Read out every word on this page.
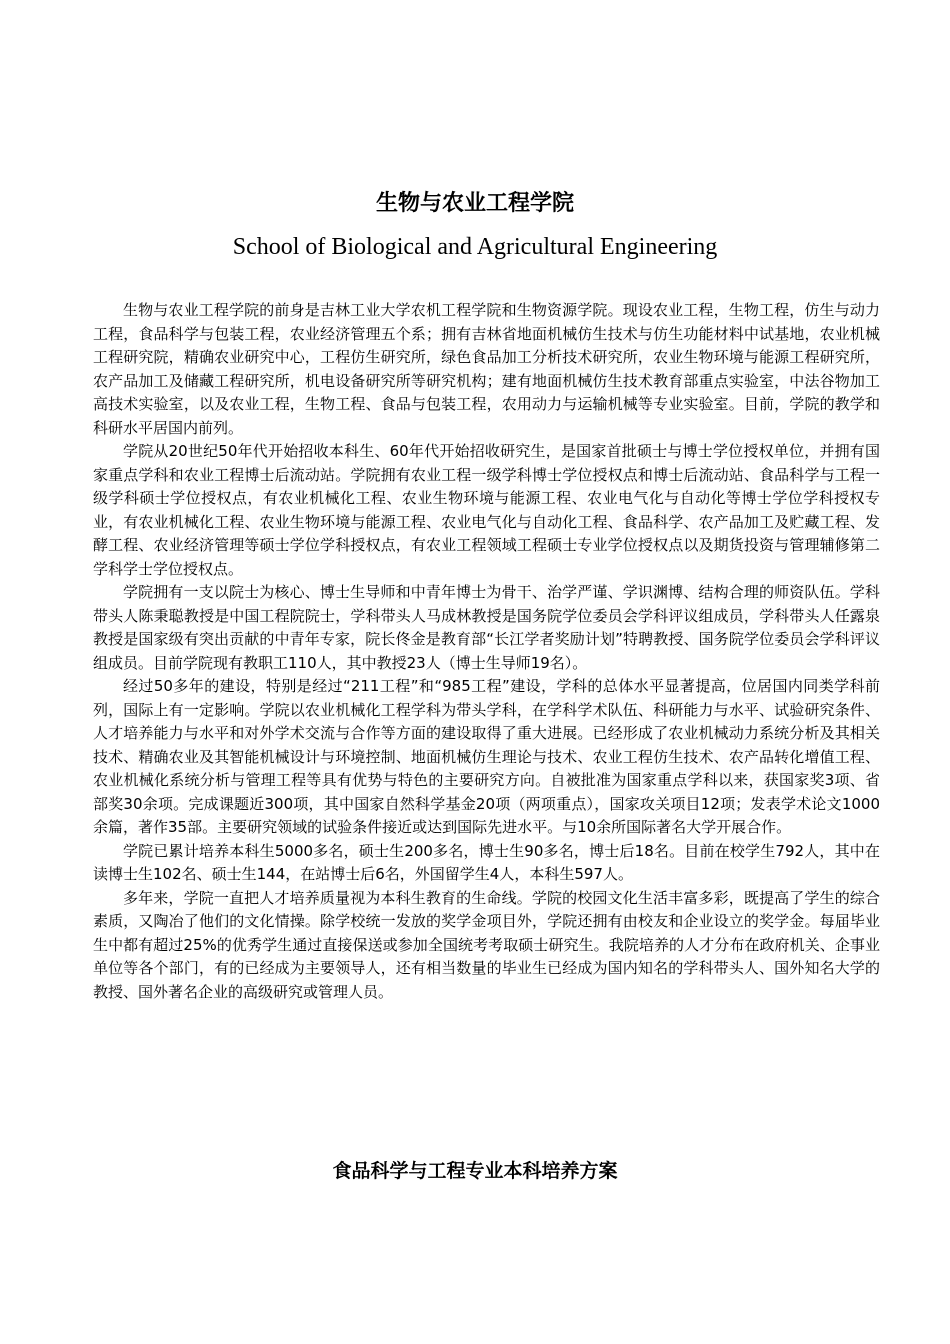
生物与农业工程学院
School of Biological and Agricultural Engineering

生物与农业工程学院的前身是吉林工业大学农机工程学院和生物资源学院。现设农业工程，生物工程，仿生与动力工程，食品科学与包装工程，农业经济管理五个系；拥有吉林省地面机械仿生技术与仿生功能材料中试基地，农业机械工程研究院，精确农业研究中心，工程仿生研究所，绿色食品加工分析技术研究所，农业生物环境与能源工程研究所，农产品加工及储藏工程研究所，机电设备研究所等研究机构；建有地面机械仿生技术教育部重点实验室，中法谷物加工高技术实验室，以及农业工程，生物工程、食品与包装工程，农用动力与运输机械等专业实验室。目前，学院的教学和科研水平居国内前列。

学院从20世纪50年代开始招收本科生、60年代开始招收研究生，是国家首批硕士与博士学位授权单位，并拥有国家重点学科和农业工程博士后流动站。学院拥有农业工程一级学科博士学位授权点和博士后流动站、食品科学与工程一级学科硕士学位授权点，有农业机械化工程、农业生物环境与能源工程、农业电气化与自动化等博士学位学科授权专业，有农业机械化工程、农业生物环境与能源工程、农业电气化与自动化工程、食品科学、农产品加工及贮藏工程、发酵工程、农业经济管理等硕士学位学科授权点，有农业工程领域工程硕士专业学位授权点以及期货投资与管理辅修第二学科学士学位授权点。

学院拥有一支以院士为核心、博士生导师和中青年博士为骨干、治学严谨、学识渊博、结构合理的师资队伍。学科带头人陈秉聪教授是中国工程院院士，学科带头人马成林教授是国务院学位委员会学科评议组成员，学科带头人任露泉教授是国家级有突出贡献的中青年专家，院长佟金是教育部“长江学者奖励计划”特聘教授、国务院学位委员会学科评议组成员。目前学院现有教职工110人，其中教授23人（博士生导师19名）。

经过50多年的建设，特别是经过“211工程”和“985工程”建设，学科的总体水平显著提高，位居国内同类学科前列，国际上有一定影响。学院以农业机械化工程学科为带头学科，在学科学术队伍、科研能力与水平、试验研究条件、人才培养能力与水平和对外学术交流与合作等方面的建设取得了重大进展。已经形成了农业机械动力系统分析及其相关技术、精确农业及其智能机械设计与环境控制、地面机械仿生理论与技术、农业工程仿生技术、农产品转化增值工程、农业机械化系统分析与管理工程等具有优势与特色的主要研究方向。自被批准为国家重点学科以来，获国家奖3项、省部奖30余项。完成课题近300项，其中国家自然科学基金20项（两项重点），国家攻关项目12项；发表学术论文1000余篇，著作35部。主要研究领域的试验条件接近或达到国际先进水平。与10余所国际著名大学开展合作。

学院已累计培养本科生5000多名，硕士生200多名，博士生90多名，博士后18名。目前在校学生792人，其中在读博士生102名、硕士生144，在站博士后6名，外国留学生4人，本科生597人。

多年来，学院一直把人才培养质量视为本科生教育的生命线。学院的校园文化生活丰富多彩，既提高了学生的综合素质，又陶冶了他们的文化情操。除学校统一发放的奖学金项目外，学院还拥有由校友和企业设立的奖学金。每届毕业生中都有超过25%的优秀学生通过直接保送或参加全国统考考取硕士研究生。我院培养的人才分布在政府机关、企事业单位等各个部门，有的已经成为主要领导人，还有相当数量的毕业生已经成为国内知名的学科带头人、国外知名大学的教授、国外著名企业的高级研究或管理人员。

食品科学与工程专业本科培养方案
